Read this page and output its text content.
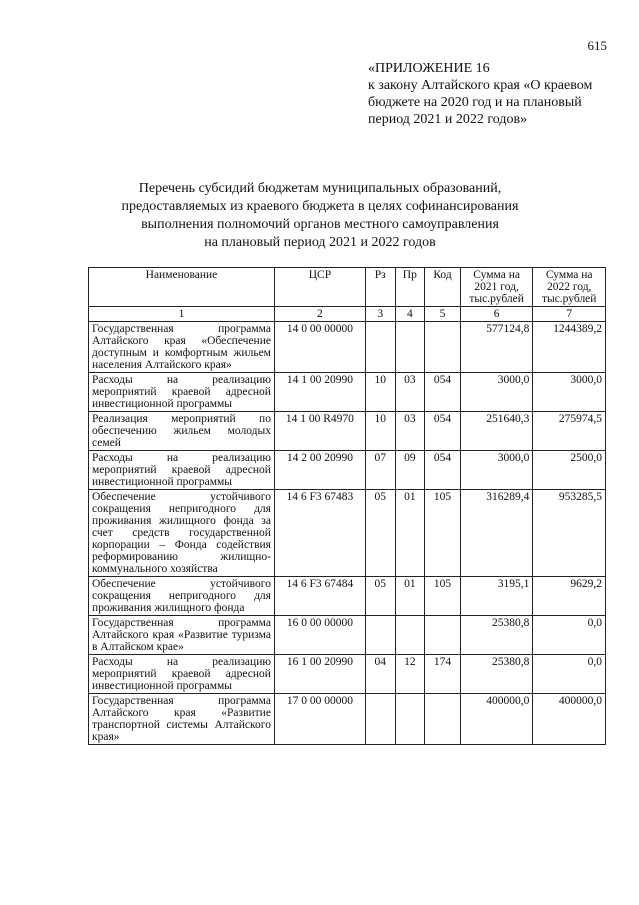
615
«ПРИЛОЖЕНИЕ 16
к закону Алтайского края «О краевом бюджете на 2020 год и на плановый период 2021 и 2022 годов»
Перечень субсидий бюджетам муниципальных образований,
предоставляемых из краевого бюджета в целях софинансирования
выполнения полномочий органов местного самоуправления
на плановый период 2021 и 2022 годов
Наименование	ЦСР	Рз	Пр	Код	Сумма на 2021 год, тыс.рублей	Сумма на 2022 год, тыс.рублей
1	2	3	4	5	6	7
Государственная программа Алтайского края «Обеспечение доступным и комфортным жильем населения Алтайского края»	14 0 00 00000				577124,8	1244389,2
Расходы на реализацию мероприятий краевой адресной инвестиционной программы	14 1 00 20990	10	03	054	3000,0	3000,0
Реализация мероприятий по обеспечению жильем молодых семей	14 1 00 R4970	10	03	054	251640,3	275974,5
Расходы на реализацию мероприятий краевой адресной инвестиционной программы	14 2 00 20990	07	09	054	3000,0	2500,0
Обеспечение устойчивого сокращения непригодного для проживания жилищного фонда за счет средств государственной корпорации – Фонда содействия реформированию жилищно-коммунального хозяйства	14 6 F3 67483	05	01	105	316289,4	953285,5
Обеспечение устойчивого сокращения непригодного для проживания жилищного фонда	14 6 F3 67484	05	01	105	3195,1	9629,2
Государственная программа Алтайского края «Развитие туризма в Алтайском крае»	16 0 00 00000				25380,8	0,0
Расходы на реализацию мероприятий краевой адресной инвестиционной программы	16 1 00 20990	04	12	174	25380,8	0,0
Государственная программа Алтайского края «Развитие транспортной системы Алтайского края»	17 0 00 00000				400000,0	400000,0
